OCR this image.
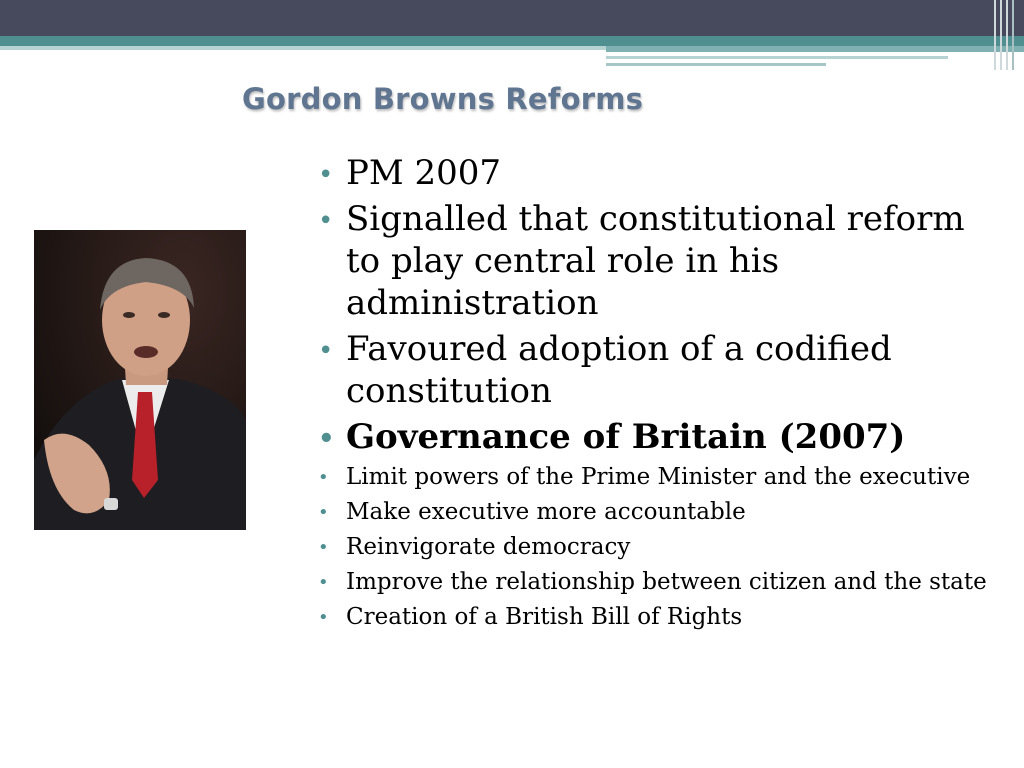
Gordon Browns Reforms
• PM 2007
• Signalled that constitutional reform to play central role in his administration
• Favoured adoption of a codified constitution
• Governance of Britain (2007)
• Limit powers of the Prime Minister and the executive
• Make executive more accountable
• Reinvigorate democracy
• Improve the relationship between citizen and the state
• Creation of a British Bill of Rights
